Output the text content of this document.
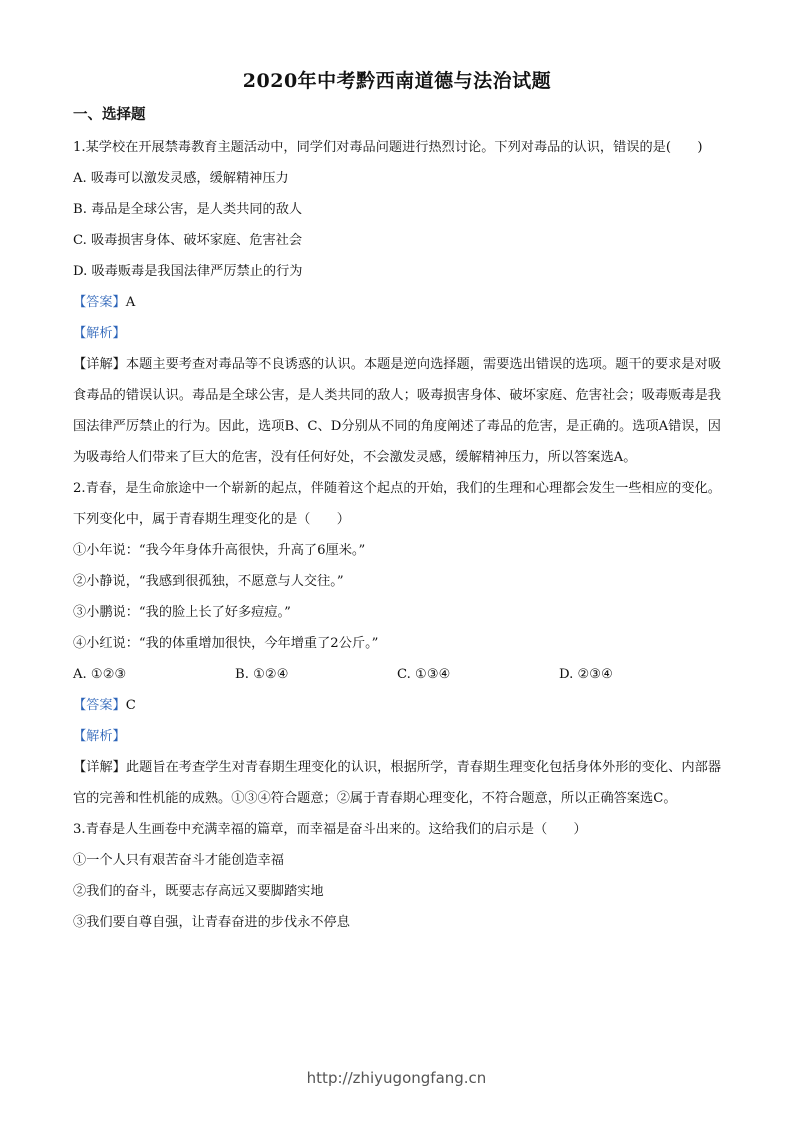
2020年中考黔西南道德与法治试题
一、选择题
1.某学校在开展禁毒教育主题活动中，同学们对毒品问题进行热烈讨论。下列对毒品的认识，错误的是(　　)
A. 吸毒可以激发灵感，缓解精神压力
B. 毒品是全球公害，是人类共同的敌人
C. 吸毒损害身体、破坏家庭、危害社会
D. 吸毒贩毒是我国法律严厉禁止的行为
【答案】A
【解析】
【详解】本题主要考查对毒品等不良诱惑的认识。本题是逆向选择题，需要选出错误的选项。题干的要求是对吸食毒品的错误认识。毒品是全球公害，是人类共同的敌人；吸毒损害身体、破坏家庭、危害社会；吸毒贩毒是我国法律严厉禁止的行为。因此，选项B、C、D分别从不同的角度阐述了毒品的危害，是正确的。选项A错误，因为吸毒给人们带来了巨大的危害，没有任何好处，不会激发灵感，缓解精神压力，所以答案选A。
2.青春，是生命旅途中一个崭新的起点，伴随着这个起点的开始，我们的生理和心理都会发生一些相应的变化。下列变化中，属于青春期生理变化的是（　　）
①小年说：“我今年身体升高很快，升高了6厘米。”
②小静说，“我感到很孤独，不愿意与人交往。”
③小鹏说：“我的脸上长了好多痘痘。”
④小红说：“我的体重增加很快，今年增重了2公斤。”
A. ①②③	B. ①②④	C. ①③④	D. ②③④
【答案】C
【解析】
【详解】此题旨在考查学生对青春期生理变化的认识，根据所学，青春期生理变化包括身体外形的变化、内部器官的完善和性机能的成熟。①③④符合题意；②属于青春期心理变化，不符合题意，所以正确答案选C。
3.青春是人生画卷中充满幸福的篇章，而幸福是奋斗出来的。这给我们的启示是（　　）
①一个人只有艰苦奋斗才能创造幸福
②我们的奋斗，既要志存高远又要脚踏实地
③我们要自尊自强，让青春奋进的步伐永不停息
http://zhiyugongfang.cn
